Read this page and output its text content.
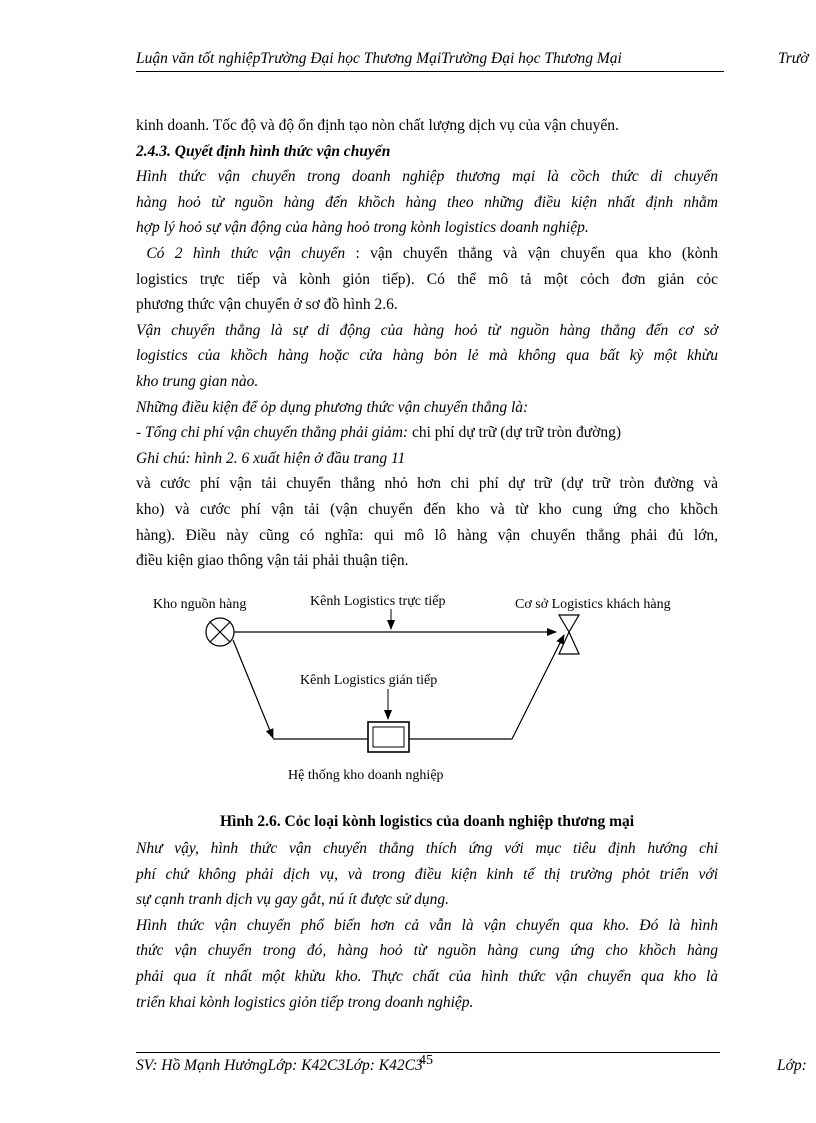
Luận văn tốt nghiệpTrường Đại học Thương MạiTrường Đại học Thương Mại	Trườ

kinh doanh. Tốc độ và độ ổn định tạo nòn chất lượng dịch vụ của vận chuyển.

2.4.3. Quyết định hình thức vận chuyển

Hình thức vận chuyển trong doanh nghiệp thương mại là cồch thức di chuyển

hàng hoỏ từ nguồn hàng đến khồch hàng theo những điều kiện nhất định nhằm

hợp lý hoỏ sự vận động của hàng hoỏ trong kònh logistics doanh nghiệp.

Có 2 hình thức vận chuyển : vận chuyển thẳng và vận chuyển qua kho (kònh

logistics trực tiếp và kònh giỏn tiếp). Có thể mô tả một cỏch đơn giản cỏc

phương thức vận chuyển ở sơ đồ hình 2.6.

Vận chuyển thẳng là sự di động của hàng hoỏ từ nguồn hàng thẳng đến cơ sở

logistics của khồch hàng hoặc cửa hàng bỏn lẻ mà không qua bất kỳ một khừu

kho trung gian nào.

Những điều kiện để ỏp dụng phương thức vận chuyển thẳng là:

- Tổng chi phí vận chuyển thẳng phải giảm: chi phí dự trữ (dự trữ tròn đường)

Ghi chú: hình 2. 6 xuất hiện ở đầu trang 11

và cước phí vận tải chuyển thẳng nhỏ hơn chi phí dự trữ (dự trữ tròn đường và

kho) và cước phí vận tải (vận chuyển đến kho và từ kho cung ứng cho khồch

hàng). Điều này cũng có nghĩa: qui mô lô hàng vận chuyển thẳng phải đủ lớn,

điều kiện giao thông vận tải phải thuận tiện.

Kho nguồn hàng	Kênh Logistics trực tiếp	Cơ sở Logistics khách hàng
Kênh Logistics gián tiếp
Hệ thống kho doanh nghiệp
Hình 2.6. Cỏc loại kònh logistics của doanh nghiệp thương mại

Như vậy, hình thức vận chuyển thẳng thích ứng với mục tiêu định hướng chi

phí chứ không phải dịch vụ, và trong điều kiện kinh tế thị trường phỏt triển với

sự cạnh tranh dịch vụ gay gắt, nú ít được sử dụng.

Hình thức vận chuyển phổ biến hơn cả vẫn là vận chuyển qua kho. Đó là hình

thức vận chuyển trong đó, hàng hoỏ từ nguồn hàng cung ứng cho khồch hàng

phải qua ít nhất một khừu kho. Thực chất của hình thức vận chuyển qua kho là

triển khai kònh logistics giỏn tiếp trong doanh nghiệp.

SV: Hồ Mạnh HưởngLớp: K42C3Lớp: K42C3
45	Lớp:
